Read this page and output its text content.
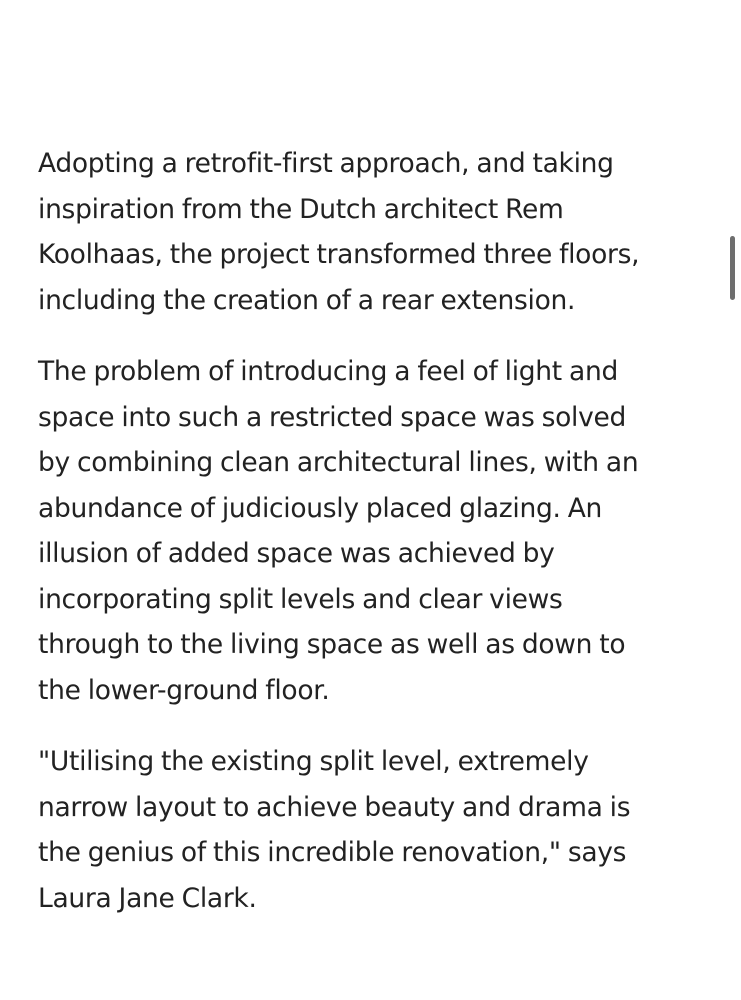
Adopting a retrofit-first approach, and taking
inspiration from the Dutch architect Rem
Koolhaas, the project transformed three floors,
including the creation of a rear extension.

The problem of introducing a feel of light and
space into such a restricted space was solved
by combining clean architectural lines, with an
abundance of judiciously placed glazing. An
illusion of added space was achieved by
incorporating split levels and clear views
through to the living space as well as down to
the lower-ground floor.

"Utilising the existing split level, extremely
narrow layout to achieve beauty and drama is
the genius of this incredible renovation," says
Laura Jane Clark.
